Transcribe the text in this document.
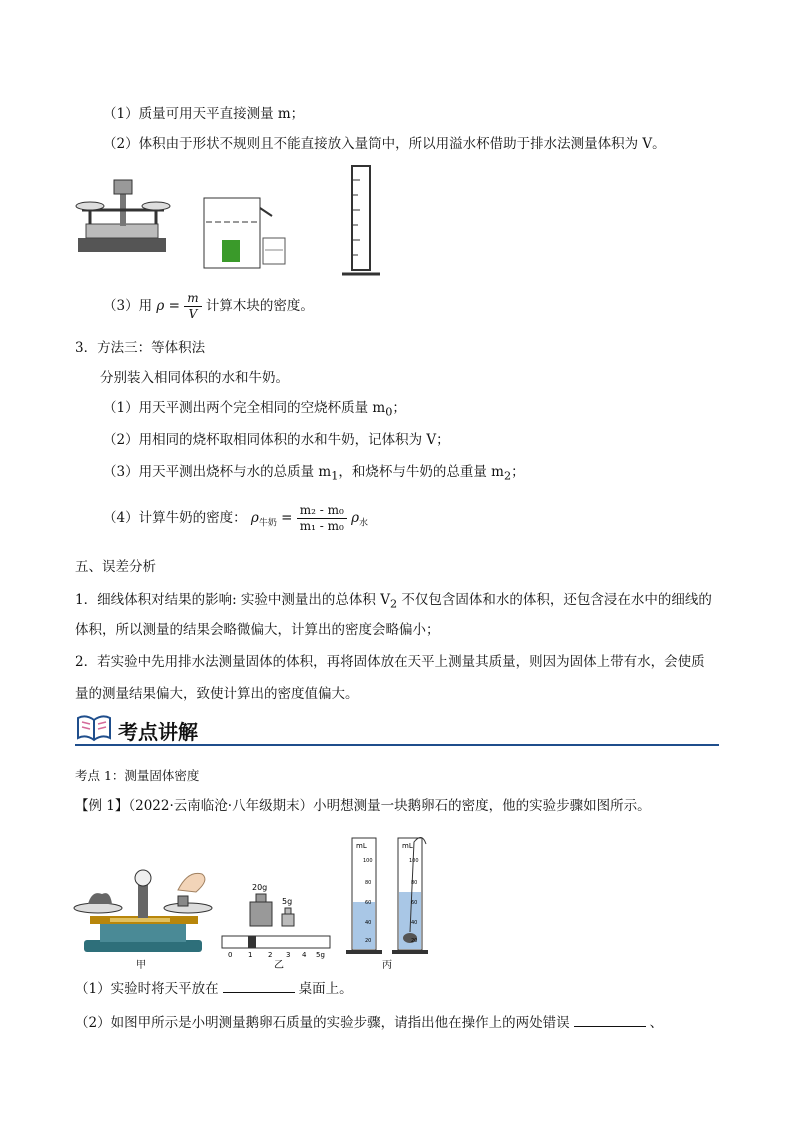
（1）质量可用天平直接测量 m；
（2）体积由于形状不规则且不能直接放入量筒中，所以用溢水杯借助于排水法测量体积为 V。
（3）用 $\rho = \frac{m}{V}$ 计算木块的密度。
3．方法三：等体积法
分别装入相同体积的水和牛奶。
（1）用天平测出两个完全相同的空烧杯质量 $m_0$；
（2）用相同的烧杯取相同体积的水和牛奶，记体积为 V；
（3）用天平测出烧杯与水的总质量 $m_1$，和烧杯与牛奶的总重量 $m_2$；
（4）计算牛奶的密度： $\rho_{牛奶} = \frac{\text{m₂ - m₀}}{\text{m₁ - m₀}} \rho_水$
五、误差分析
1．细线体积对结果的影响: 实验中测量出的总体积 $V_2$ 不仅包含固体和水的体积，还包含浸在水中的细线的
体积，所以测量的结果会略微偏大，计算出的密度会略偏小；
2．若实验中先用排水法测量固体的体积，再将固体放在天平上测量其质量，则因为固体上带有水，会使质
量的测量结果偏大，致使计算出的密度值偏大。
考点讲解
考点 1：测量固体密度
【例 1】（2022·云南临沧·八年级期末）小明想测量一块鹅卵石的密度，他的实验步骤如图所示。
甲
20g
5g
0 1 2 3 4 5g
乙
mL	mL
100
80
60
40
20
100
80
60
40
20
丙
（1）实验时将天平放在	桌面上。
（2）如图甲所示是小明测量鹅卵石质量的实验步骤，请指出他在操作上的两处错误	、
